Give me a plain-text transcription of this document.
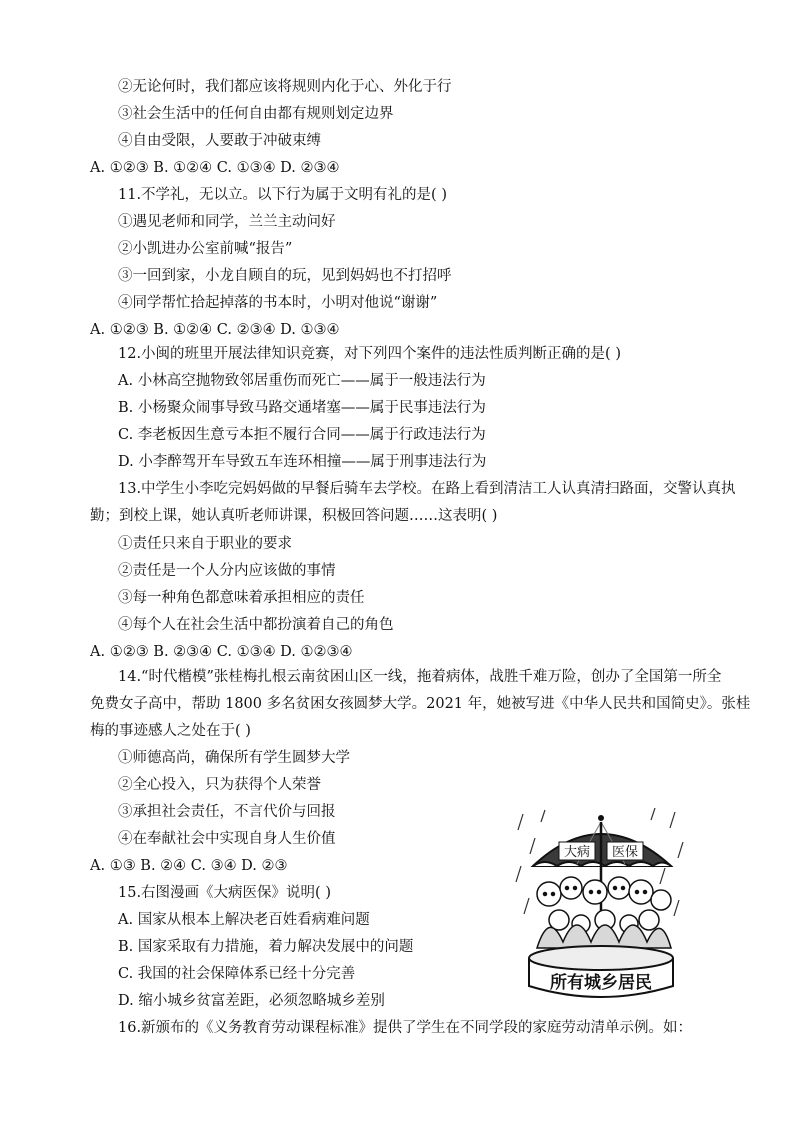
②无论何时，我们都应该将规则内化于心、外化于行
③社会生活中的任何自由都有规则划定边界
④自由受限，人要敢于冲破束缚
A. ①②③ B. ①②④ C. ①③④ D. ②③④
11.不学礼，无以立。以下行为属于文明有礼的是( )
①遇见老师和同学，兰兰主动问好
②小凯进办公室前喊“报告”
③一回到家，小龙自顾自的玩，见到妈妈也不打招呼
④同学帮忙拾起掉落的书本时，小明对他说“谢谢”
A. ①②③ B. ①②④ C. ②③④ D. ①③④
12.小闽的班里开展法律知识竞赛，对下列四个案件的违法性质判断正确的是( )
A. 小林高空抛物致邻居重伤而死亡——属于一般违法行为
B. 小杨聚众闹事导致马路交通堵塞——属于民事违法行为
C. 李老板因生意亏本拒不履行合同——属于行政违法行为
D. 小李醉驾开车导致五车连环相撞——属于刑事违法行为
13.中学生小李吃完妈妈做的早餐后骑车去学校。在路上看到清洁工人认真清扫路面，交警认真执
勤；到校上课，她认真听老师讲课，积极回答问题……这表明( )
①责任只来自于职业的要求
②责任是一个人分内应该做的事情
③每一种角色都意味着承担相应的责任
④每个人在社会生活中都扮演着自己的角色
A. ①②③ B. ②③④ C. ①③④ D. ①②③④
14.“时代楷模”张桂梅扎根云南贫困山区一线，拖着病体，战胜千难万险，创办了全国第一所全
免费女子高中，帮助 1800 多名贫困女孩圆梦大学。2021 年，她被写进《中华人民共和国简史》。张桂
梅的事迹感人之处在于( )
①师德高尚，确保所有学生圆梦大学
②全心投入，只为获得个人荣誉
③承担社会责任，不言代价与回报
④在奉献社会中实现自身人生价值
A. ①③ B. ②④ C. ③④ D. ②③
15.右图漫画《大病医保》说明( )
A. 国家从根本上解决老百姓看病难问题
B. 国家采取有力措施，着力解决发展中的问题
C. 我国的社会保障体系已经十分完善
D. 缩小城乡贫富差距，必须忽略城乡差别
16.新颁布的《义务教育劳动课程标准》提供了学生在不同学段的家庭劳动清单示例。如：
大病 医保
所有城乡居民
